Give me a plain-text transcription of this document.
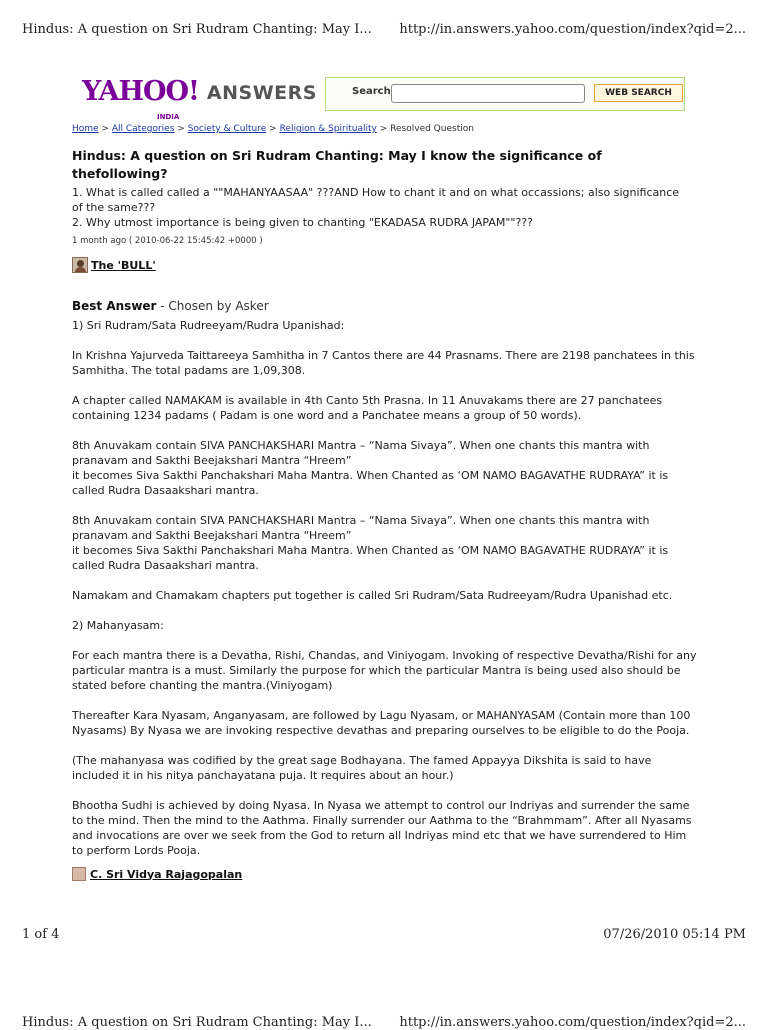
Hindus: A question on Sri Rudram Chanting: May I... http://in.answers.yahoo.com/question/index?qid=2...
YAHOO!
INDIA
ANSWERS	Search	WEB SEARCH
Home > All Categories > Society & Culture > Religion & Spirituality > Resolved Question
Hindus: A question on Sri Rudram Chanting: May I know the significance of thefollowing?
1. What is called called a ""MAHANYAASAA" ???AND How to chant it and on what occassions; also significance of the same???
2. Why utmost importance is being given to chanting "EKADASA RUDRA JAPAM""???
1 month ago ( 2010-06-22 15:45:42 +0000 )
The 'BULL'
Best Answer - Chosen by Asker

1) Sri Rudram/Sata Rudreeyam/Rudra Upanishad:

In Krishna Yajurveda Taittareeya Samhitha in 7 Cantos there are 44 Prasnams. There are 2198 panchatees in this Samhitha. The total padams are 1,09,308.

A chapter called NAMAKAM is available in 4th Canto 5th Prasna. In 11 Anuvakams there are 27 panchatees containing 1234 padams ( Padam is one word and a Panchatee means a group of 50 words).

8th Anuvakam contain SIVA PANCHAKSHARI Mantra – “Nama Sivaya”. When one chants this mantra with pranavam and Sakthi Beejakshari Mantra “Hreem”
it becomes Siva Sakthi Panchakshari Maha Mantra. When Chanted as ‘OM NAMO BAGAVATHE RUDRAYA” it is called Rudra Dasaakshari mantra.

8th Anuvakam contain SIVA PANCHAKSHARI Mantra – “Nama Sivaya”. When one chants this mantra with pranavam and Sakthi Beejakshari Mantra “Hreem”
it becomes Siva Sakthi Panchakshari Maha Mantra. When Chanted as ‘OM NAMO BAGAVATHE RUDRAYA” it is called Rudra Dasaakshari mantra.

Namakam and Chamakam chapters put together is called Sri Rudram/Sata Rudreeyam/Rudra Upanishad etc.

2) Mahanyasam:

For each mantra there is a Devatha, Rishi, Chandas, and Viniyogam. Invoking of respective Devatha/Rishi for any particular mantra is a must. Similarly the purpose for which the particular Mantra is being used also should be stated before chanting the mantra.(Viniyogam)

Thereafter Kara Nyasam, Anganyasam, are followed by Lagu Nyasam, or MAHANYASAM (Contain more than 100 Nyasams) By Nyasa we are invoking respective devathas and preparing ourselves to be eligible to do the Pooja.

(The mahanyasa was codified by the great sage Bodhayana. The famed Appayya Dikshita is said to have included it in his nitya panchayatana puja. It requires about an hour.)

Bhootha Sudhi is achieved by doing Nyasa. In Nyasa we attempt to control our Indriyas and surrender the same to the mind. Then the mind to the Aathma. Finally surrender our Aathma to the “Brahmmam”. After all Nyasams and invocations are over we seek from the God to return all Indriyas mind etc that we have surrendered to Him to perform Lords Pooja.

C. Sri Vidya Rajagopalan
1 of 4	07/26/2010 05:14 PM
Hindus: A question on Sri Rudram Chanting: May I... http://in.answers.yahoo.com/question/index?qid=2...
